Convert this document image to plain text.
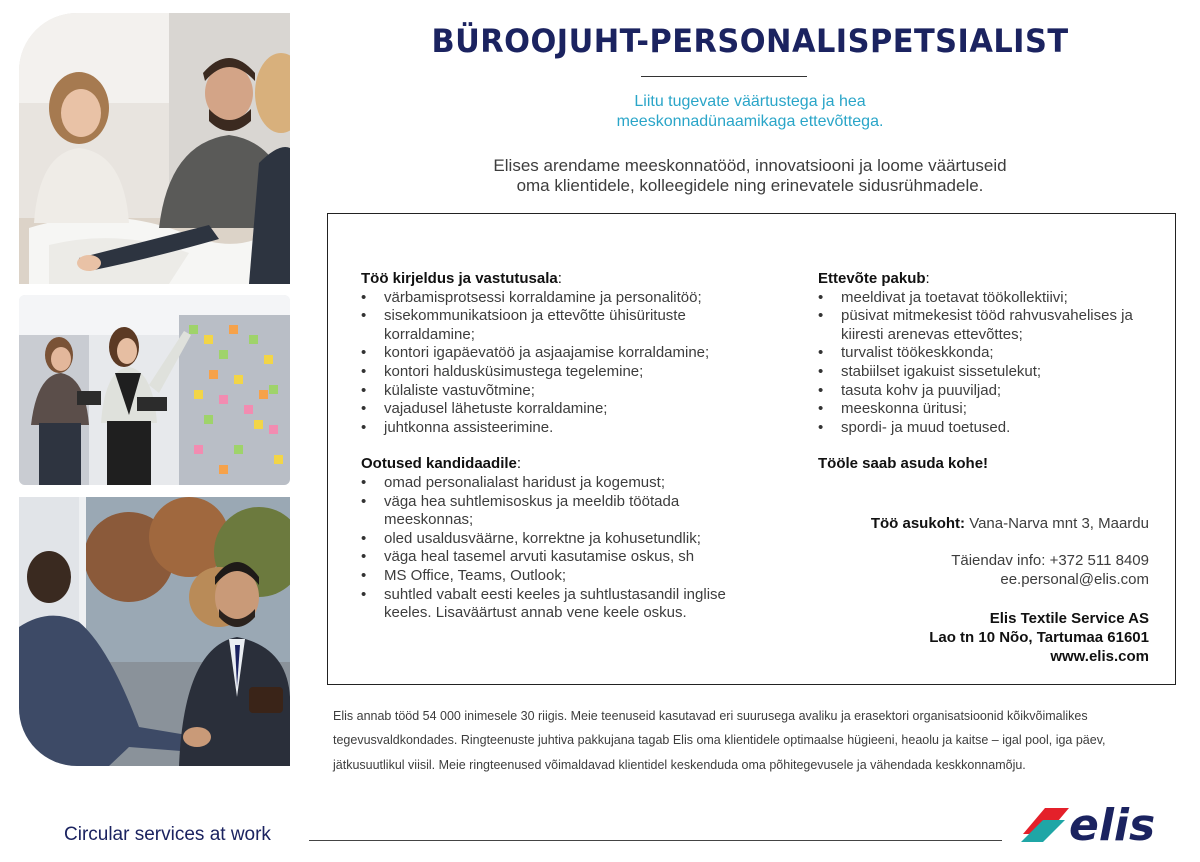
BÜROOJUHT-PERSONALISPETSIALIST
Liitu tugevate väärtustega ja hea
meeskonnadünaamikaga ettevõttega.
Elises arendame meeskonnatööd, innovatsiooni ja loome väärtuseid
oma klientidele, kolleegidele ning erinevatele sidusrühmadele.
Töö kirjeldus ja vastutusala:
• värbamisprotsessi korraldamine ja personalitöö;
• sisekommunikatsioon ja ettevõtte ühisürituste korraldamine;
• kontori igapäevatöö ja asjaajamise korraldamine;
• kontori haldusküsimustega tegelemine;
• külaliste vastuvõtmine;
• vajadusel lähetuste korraldamine;
• juhtkonna assisteerimine.
Ootused kandidaadile:
• omad personalialast haridust ja kogemust;
• väga hea suhtlemisoskus ja meeldib töötada meeskonnas;
• oled usaldusväärne, korrektne ja kohusetundlik;
• väga heal tasemel arvuti kasutamise oskus, sh
• MS Office, Teams, Outlook;
• suhtled vabalt eesti keeles ja suhtlustasandil inglise keeles. Lisaväärtust annab vene keele oskus.
Ettevõte pakub:
• meeldivat ja toetavat töökollektiivi;
• püsivat mitmekesist tööd rahvusvahelises ja kiiresti arenevas ettevõttes;
• turvalist töökeskkonda;
• stabiilset igakuist sissetulekut;
• tasuta kohv ja puuviljad;
• meeskonna üritusi;
• spordi- ja muud toetused.
Tööle saab asuda kohe!
Töö asukoht: Vana-Narva mnt 3, Maardu
Täiendav info: +372 511 8409
ee.personal@elis.com
Elis Textile Service AS
Lao tn 10 Nõo, Tartumaa 61601
www.elis.com
Elis annab tööd 54 000 inimesele 30 riigis. Meie teenuseid kasutavad eri suurusega avaliku ja erasektori organisatsioonid kõikvõimalikes tegevusvaldkondades. Ringteenuste juhtiva pakkujana tagab Elis oma klientidele optimaalse hügieeni, heaolu ja kaitse – igal pool, iga päev, jätkusuutlikul viisil. Meie ringteenused võimaldavad klientidel keskenduda oma põhitegevusele ja vähendada keskkonnamõju.
Circular services at work	elis
